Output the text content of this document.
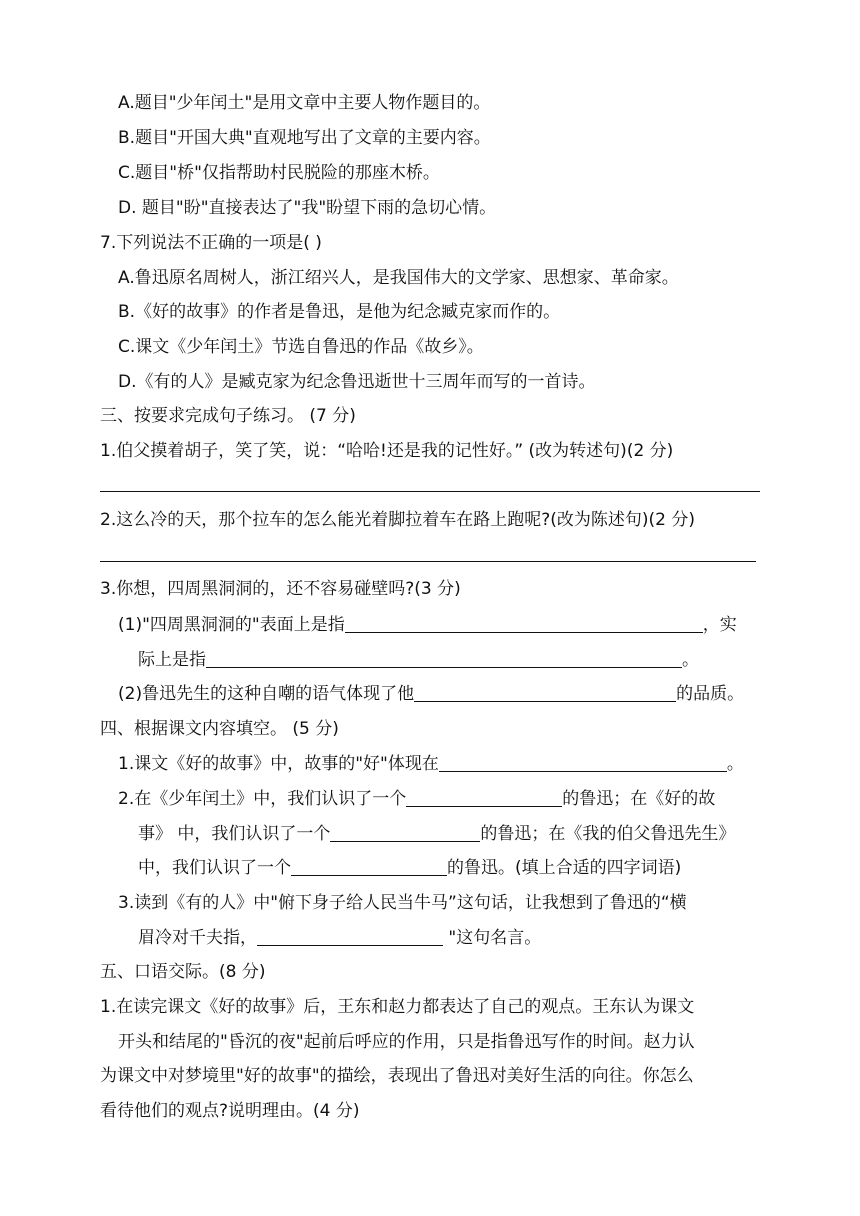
A.题目"少年闰土"是用文章中主要人物作题目的。
B.题目"开国大典"直观地写出了文章的主要内容。
C.题目"桥"仅指帮助村民脱险的那座木桥。
D. 题目"盼"直接表达了"我"盼望下雨的急切心情。
7.下列说法不正确的一项是( )
A.鲁迅原名周树人，浙江绍兴人，是我国伟大的文学家、思想家、革命家。
B.《好的故事》的作者是鲁迅，是他为纪念臧克家而作的。
C.课文《少年闰土》节选自鲁迅的作品《故乡》。
D.《有的人》是臧克家为纪念鲁迅逝世十三周年而写的一首诗。
三、按要求完成句子练习。 (7 分)
1.伯父摸着胡子，笑了笑，说：“哈哈!还是我的记性好。” (改为转述句)(2 分)
2.这么冷的天，那个拉车的怎么能光着脚拉着车在路上跑呢?(改为陈述句)(2 分)
3.你想，四周黑洞洞的，还不容易碰壁吗?(3 分)
(1)"四周黑洞洞的"表面上是指	，实
际上是指	。
(2)鲁迅先生的这种自嘲的语气体现了他	的品质。
四、根据课文内容填空。 (5 分)
1.课文《好的故事》中，故事的"好"体现在	。
2.在《少年闰土》中，我们认识了一个	的鲁迅；在《好的故
事》 中，我们认识了一个	的鲁迅；在《我的伯父鲁迅先生》
中，我们认识了一个	的鲁迅。(填上合适的四字词语)
3.读到《有的人》中"俯下身子给人民当牛马”这句话，让我想到了鲁迅的“横
眉冷对千夫指，	"这句名言。
五、口语交际。(8 分)
1.在读完课文《好的故事》后，王东和赵力都表达了自己的观点。王东认为课文
开头和结尾的"昏沉的夜"起前后呼应的作用，只是指鲁迅写作的时间。赵力认
为课文中对梦境里"好的故事"的描绘，表现出了鲁迅对美好生活的向往。你怎么
看待他们的观点?说明理由。(4 分)
